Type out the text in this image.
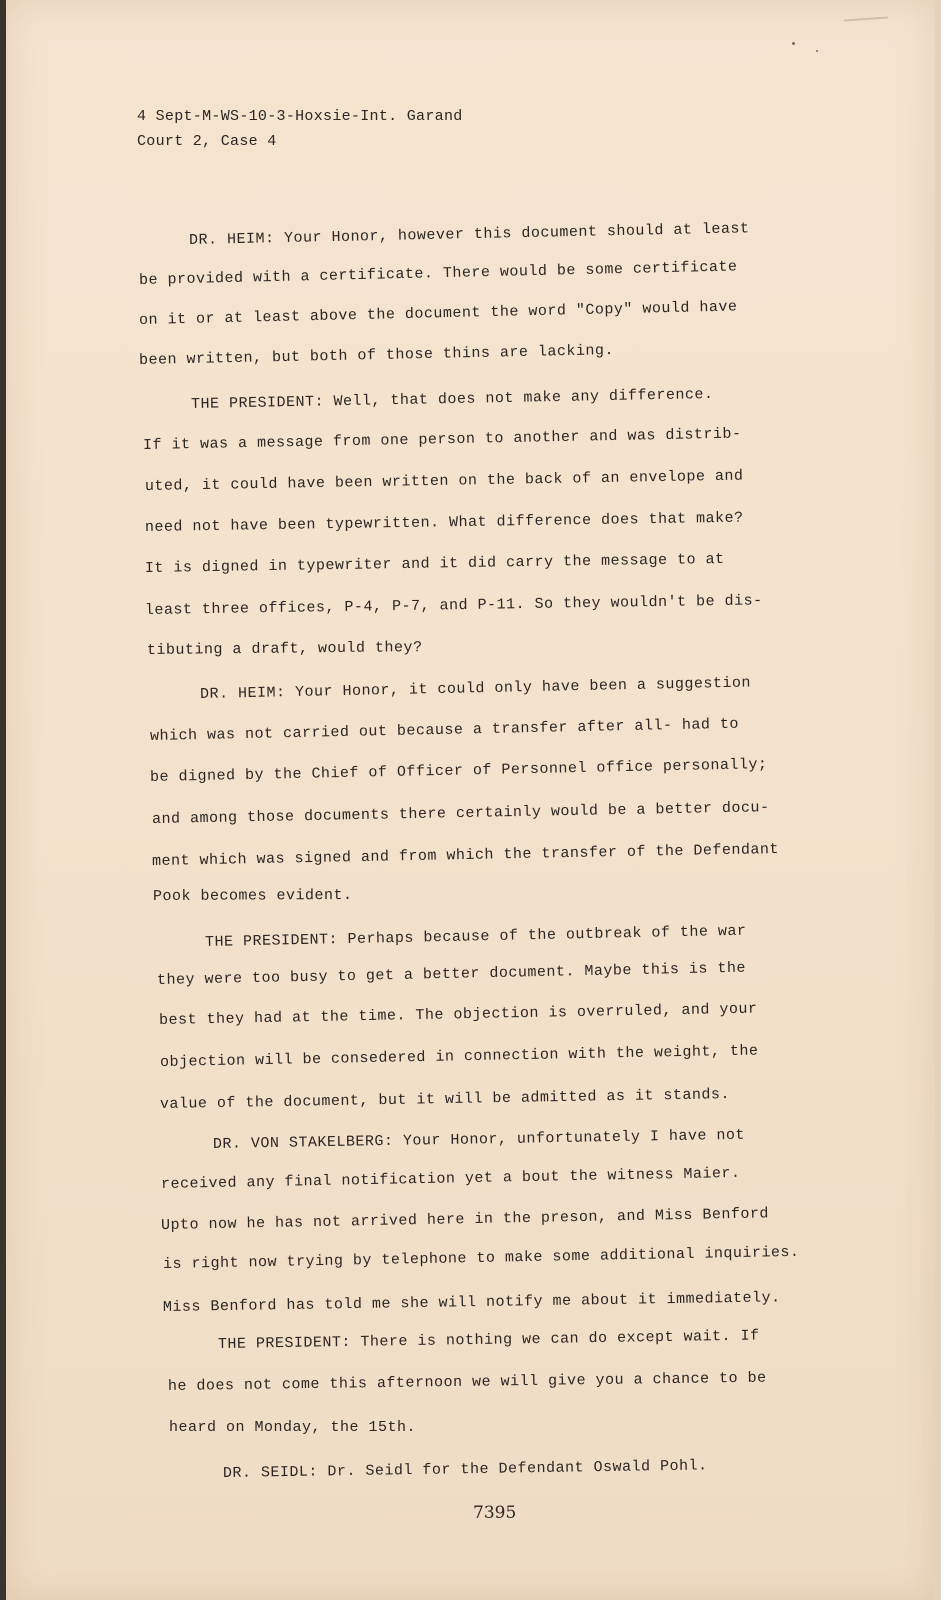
4 Sept-M-WS-10-3-Hoxsie-Int. Garand
Court 2, Case 4
DR. HEIM: Your Honor, however this document should at least
be provided with a certificate. There would be some certificate
on it or at least above the document the word "Copy" would have
been written, but both of those thins are lacking.
THE PRESIDENT: Well, that does not make any difference.
If it was a message from one person to another and was distrib-
uted, it could have been written on the back of an envelope and
need not have been typewritten. What difference does that make?
It is digned in typewriter and it did carry the message to at
least three offices, P-4, P-7, and P-11. So they wouldn't be dis-
tibuting a draft, would they?
DR. HEIM: Your Honor, it could only have been a suggestion
which was not carried out because a transfer after all- had to
be digned by the Chief of Officer of Personnel office personally;
and among those documents there certainly would be a better docu-
ment which was signed and from which the transfer of the Defendant
Pook becomes evident.
THE PRESIDENT: Perhaps because of the outbreak of the war
they were too busy to get a better document. Maybe this is the
best they had at the time. The objection is overruled, and your
objection will be consedered in connection with the weight, the
value of the document, but it will be admitted as it stands.
DR. VON STAKELBERG: Your Honor, unfortunately I have not
received any final notification yet a bout the witness Maier.
Upto now he has not arrived here in the preson, and Miss Benford
is right now trying by telephone to make some additional inquiries.
Miss Benford has told me she will notify me about it immediately.
THE PRESIDENT: There is nothing we can do except wait. If
he does not come this afternoon we will give you a chance to be
heard on Monday, the 15th.
DR. SEIDL: Dr. Seidl for the Defendant Oswald Pohl.
7395
